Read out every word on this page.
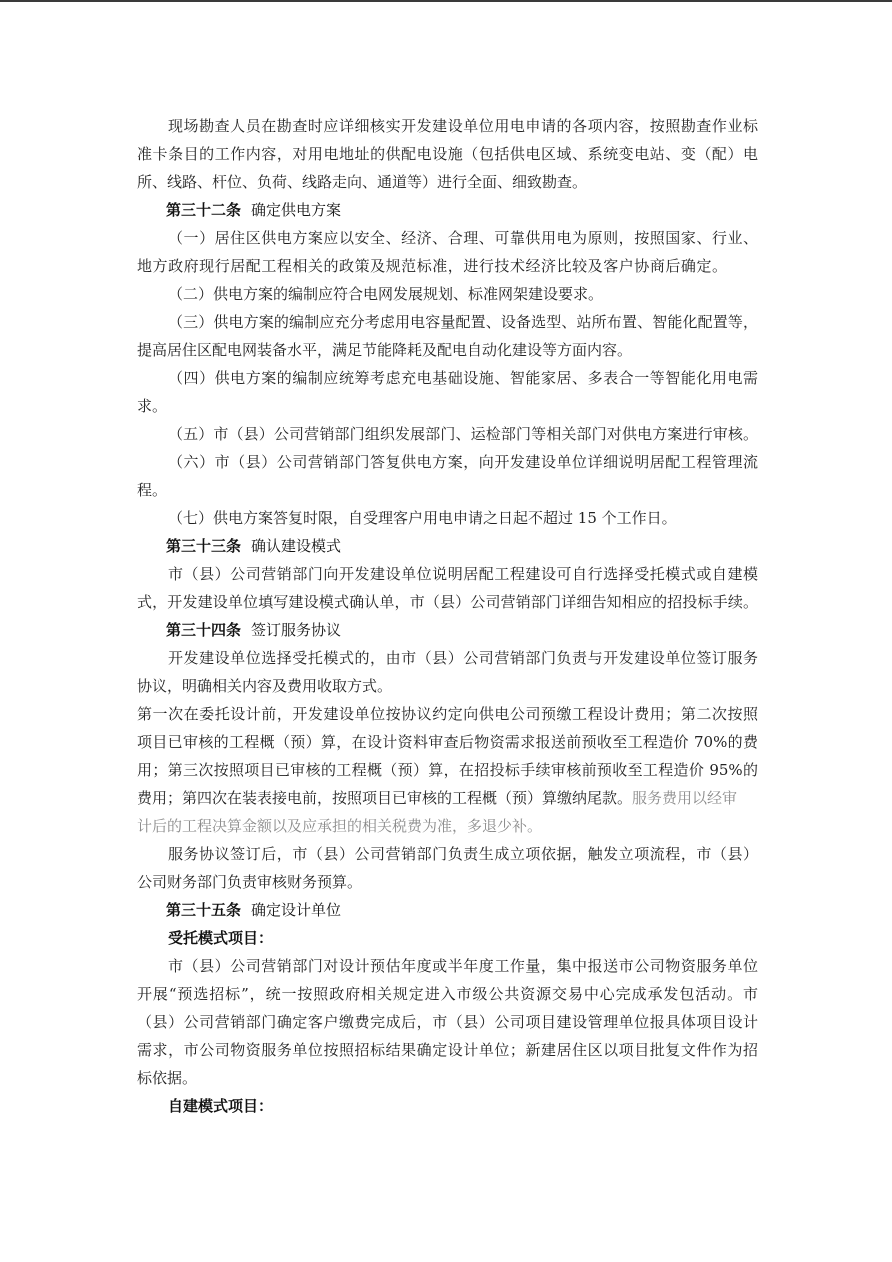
现场勘查人员在勘查时应详细核实开发建设单位用电申请的各项内容，按照勘查作业标
准卡条目的工作内容，对用电地址的供配电设施（包括供电区域、系统变电站、变（配）电
所、线路、杆位、负荷、线路走向、通道等）进行全面、细致勘查。
第三十二条 确定供电方案
（一）居住区供电方案应以安全、经济、合理、可靠供用电为原则，按照国家、行业、
地方政府现行居配工程相关的政策及规范标准，进行技术经济比较及客户协商后确定。
（二）供电方案的编制应符合电网发展规划、标准网架建设要求。
（三）供电方案的编制应充分考虑用电容量配置、设备选型、站所布置、智能化配置等，
提高居住区配电网装备水平，满足节能降耗及配电自动化建设等方面内容。
（四）供电方案的编制应统筹考虑充电基础设施、智能家居、多表合一等智能化用电需
求。
（五）市（县）公司营销部门组织发展部门、运检部门等相关部门对供电方案进行审核。
（六）市（县）公司营销部门答复供电方案，向开发建设单位详细说明居配工程管理流
程。
（七）供电方案答复时限，自受理客户用电申请之日起不超过 15 个工作日。
第三十三条 确认建设模式
市（县）公司营销部门向开发建设单位说明居配工程建设可自行选择受托模式或自建模
式，开发建设单位填写建设模式确认单，市（县）公司营销部门详细告知相应的招投标手续。
第三十四条 签订服务协议
开发建设单位选择受托模式的，由市（县）公司营销部门负责与开发建设单位签订服务
协议，明确相关内容及费用收取方式。
第一次在委托设计前，开发建设单位按协议约定向供电公司预缴工程设计费用；第二次按照
项目已审核的工程概（预）算，在设计资料审查后物资需求报送前预收至工程造价 70%的费
用；第三次按照项目已审核的工程概（预）算，在招投标手续审核前预收至工程造价 95%的
费用；第四次在装表接电前，按照项目已审核的工程概（预）算缴纳尾款。服务费用以经审
计后的工程决算金额以及应承担的相关税费为准，多退少补。
服务协议签订后，市（县）公司营销部门负责生成立项依据，触发立项流程，市（县）
公司财务部门负责审核财务预算。
第三十五条 确定设计单位
受托模式项目：
市（县）公司营销部门对设计预估年度或半年度工作量，集中报送市公司物资服务单位
开展“预选招标”，统一按照政府相关规定进入市级公共资源交易中心完成承发包活动。市
（县）公司营销部门确定客户缴费完成后，市（县）公司项目建设管理单位报具体项目设计
需求，市公司物资服务单位按照招标结果确定设计单位；新建居住区以项目批复文件作为招
标依据。
自建模式项目：
